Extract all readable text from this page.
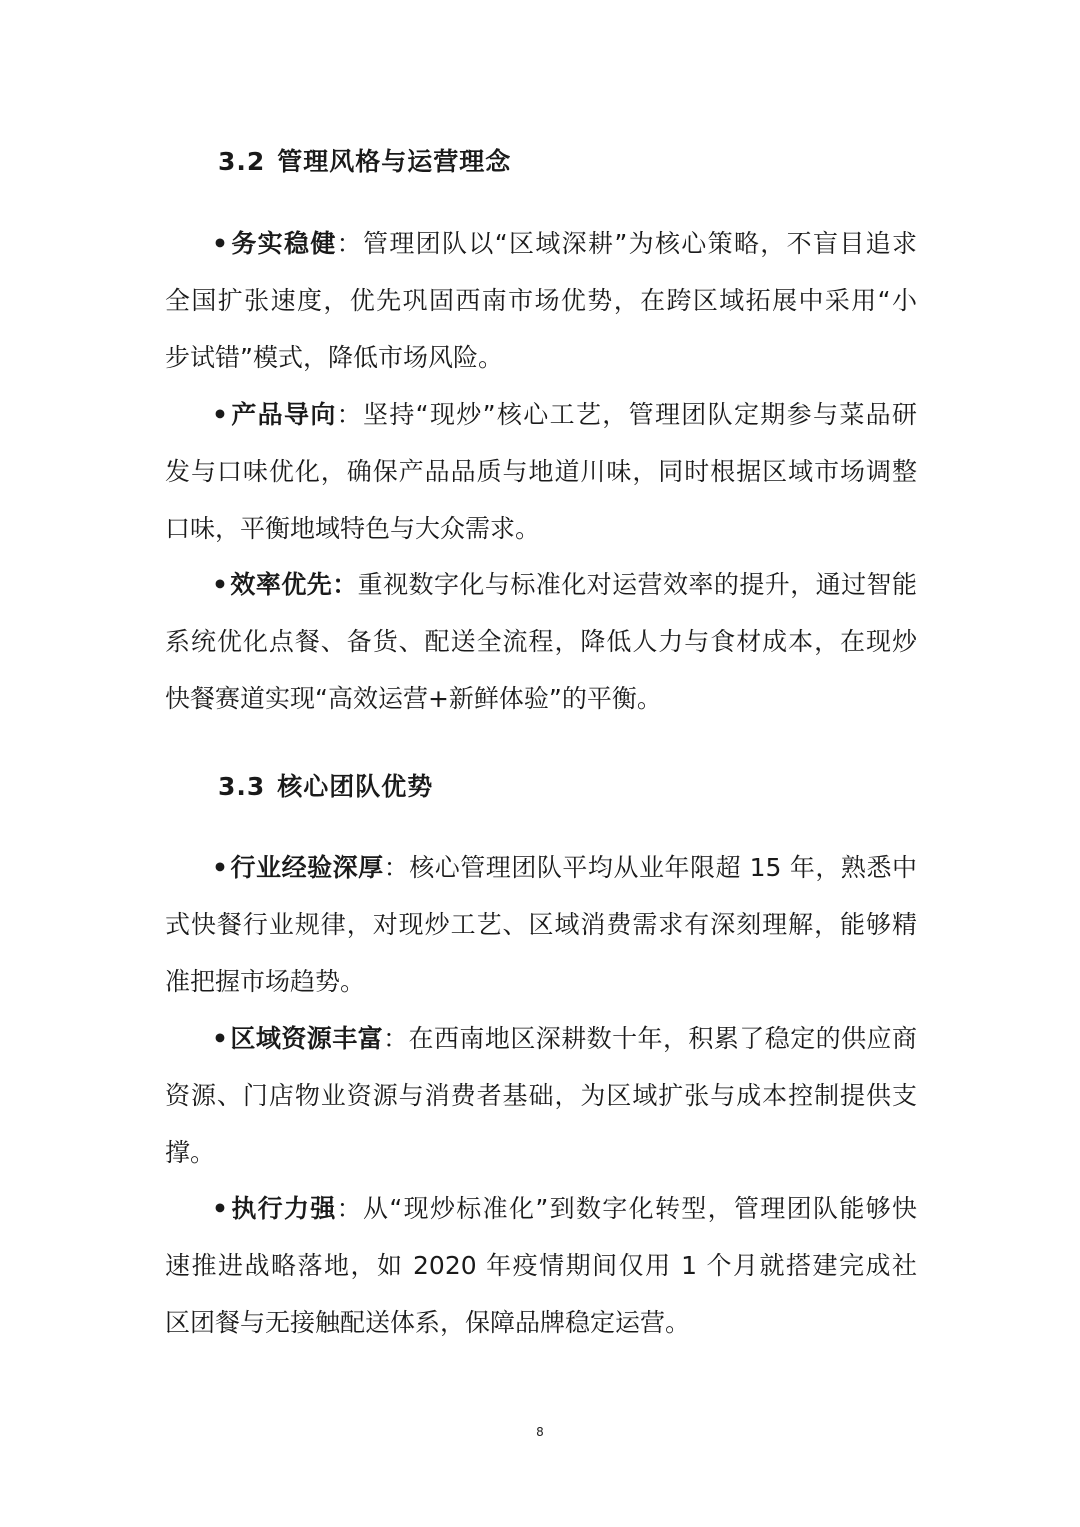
3.2 管理风格与运营理念
•务实稳健：管理团队以“区域深耕”为核心策略，不盲目追求
全国扩张速度，优先巩固西南市场优势，在跨区域拓展中采用“小
步试错”模式，降低市场风险。
•产品导向：坚持“现炒”核心工艺，管理团队定期参与菜品研
发与口味优化，确保产品品质与地道川味，同时根据区域市场调整
口味，平衡地域特色与大众需求。
•效率优先：重视数字化与标准化对运营效率的提升，通过智能
系统优化点餐、备货、配送全流程，降低人力与食材成本，在现炒
快餐赛道实现“高效运营+新鲜体验”的平衡。
3.3 核心团队优势
•行业经验深厚：核心管理团队平均从业年限超 15 年，熟悉中
式快餐行业规律，对现炒工艺、区域消费需求有深刻理解，能够精
准把握市场趋势。
•区域资源丰富：在西南地区深耕数十年，积累了稳定的供应商
资源、门店物业资源与消费者基础，为区域扩张与成本控制提供支
撑。
•执行力强：从“现炒标准化”到数字化转型，管理团队能够快
速推进战略落地，如 2020 年疫情期间仅用 1 个月就搭建完成社
区团餐与无接触配送体系，保障品牌稳定运营。
8
